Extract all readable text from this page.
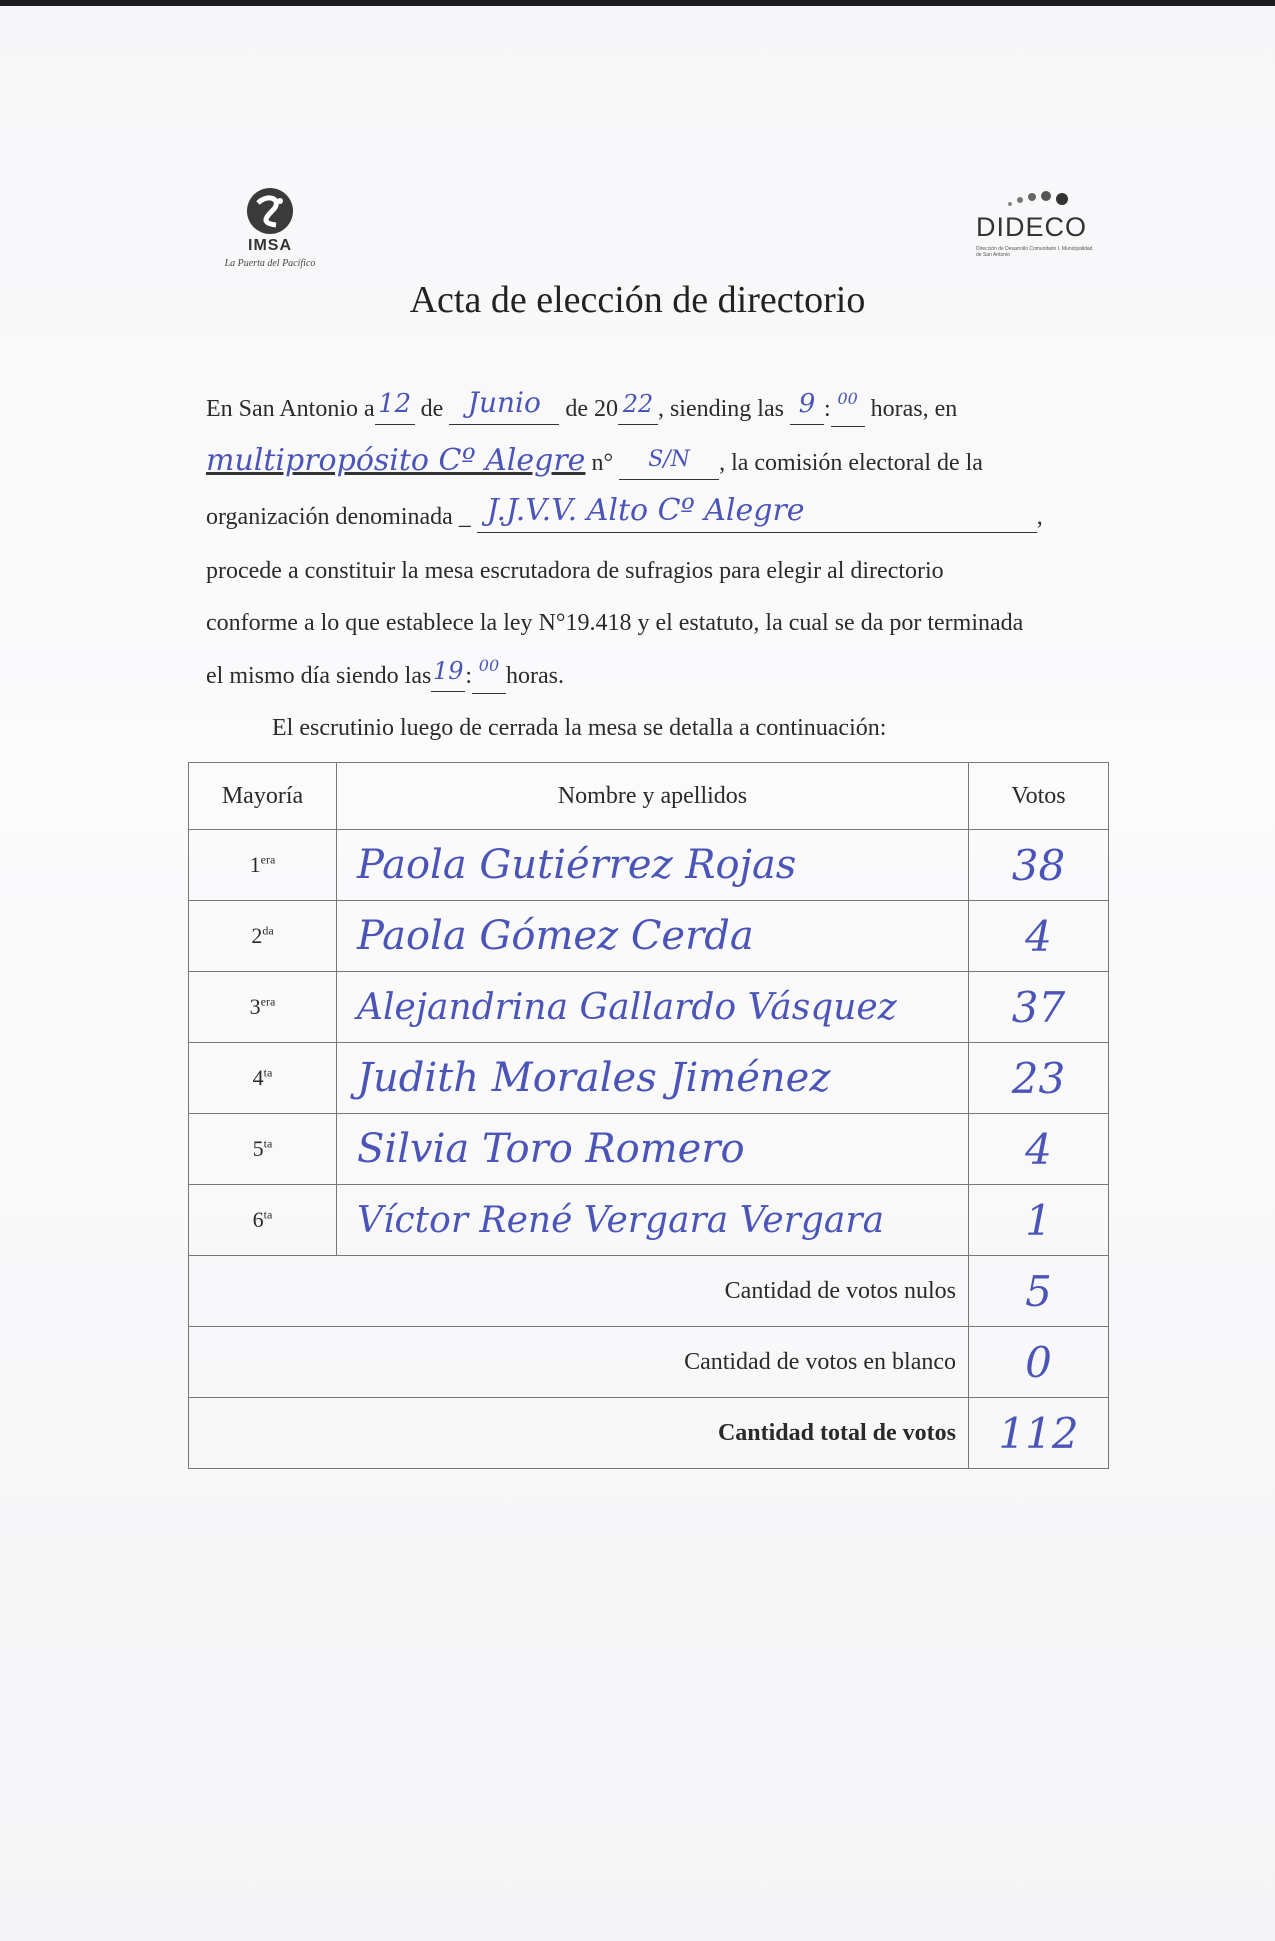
IMSA
La Puerta del Pacífico
DIDECO
Dirección de Desarrollo Comunitario I. Municipalidad de San Antonio
Acta de elección de directorio
En San Antonio a 12 de Junio de 20 22 , siending las 9 : $^{00}$ horas, en
multipropósito Cº Alegre n° S/N , la comisión electoral de la
organización denominada _ J.J.V.V. Alto Cº Alegre	,
procede a constituir la mesa escrutadora de sufragios para elegir al directorio
conforme a lo que establece la ley N°19.418 y el estatuto, la cual se da por terminada
el mismo día siendo las19: $^{00}$ horas.
El escrutinio luego de cerrada la mesa se detalla a continuación:
Mayoría	Nombre y apellidos	Votos
$1^{era}$	Paola Gutiérrez Rojas	38
$2^{da}$	Paola Gómez Cerda	4
$3^{era}$	Alejandrina Gallardo Vásquez	37
$4^{ta}$	Judith Morales Jiménez	23
$5^{ta}$	Silvia Toro Romero	4
$6^{ta}$	Víctor René Vergara Vergara	1
Cantidad de votos nulos		5
Cantidad de votos en blanco		0
Cantidad total de votos		112
